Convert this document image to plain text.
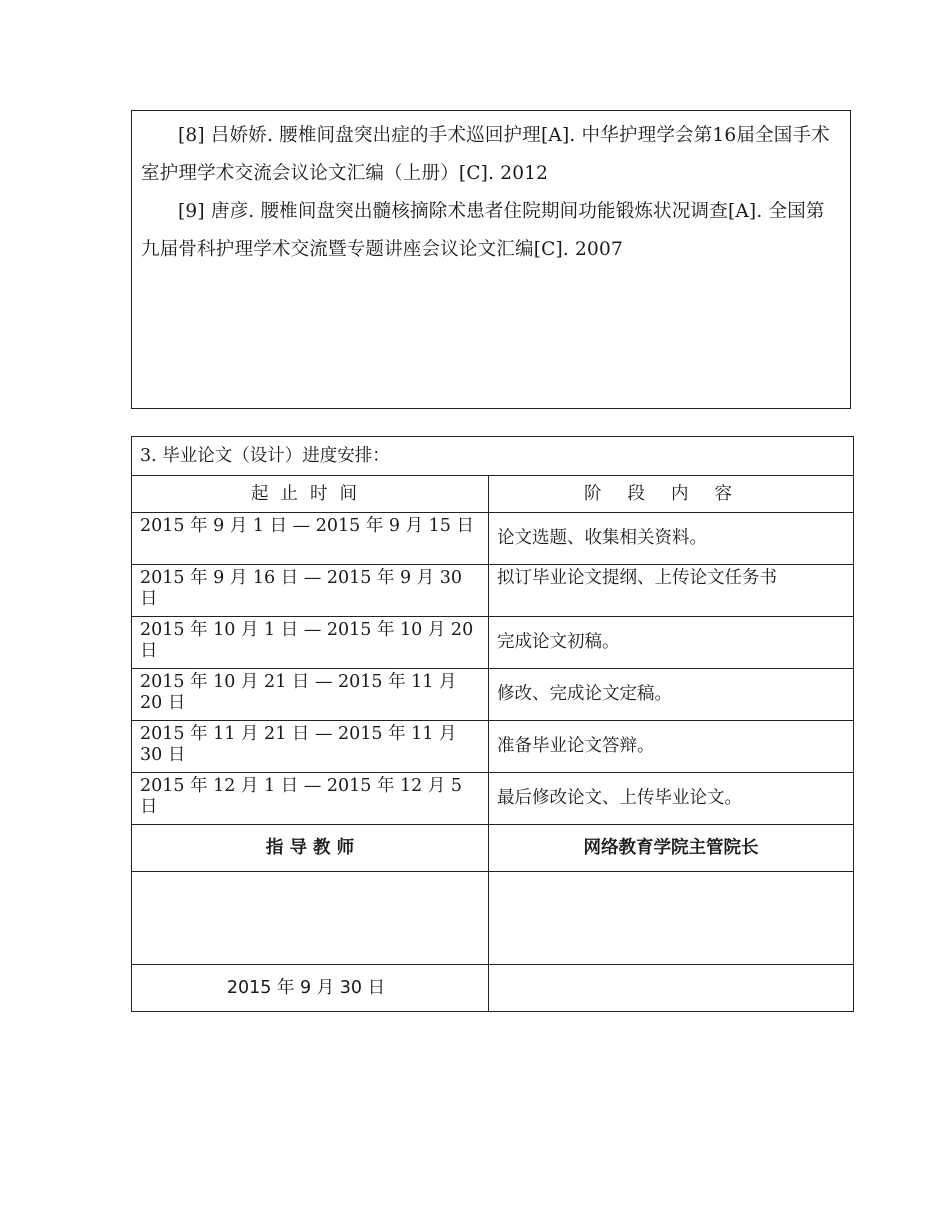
[8] 吕娇娇. 腰椎间盘突出症的手术巡回护理[A]. 中华护理学会第16届全国手术室护理学术交流会议论文汇编（上册）[C]. 2012

[9] 唐彦. 腰椎间盘突出髓核摘除术患者住院期间功能锻炼状况调查[A]. 全国第九届骨科护理学术交流暨专题讲座会议论文汇编[C]. 2007

3. 毕业论文（设计）进度安排：	
起止时间	阶段内容
2015 年 9 月 1 日 — 2015 年 9 月 15 日	论文选题、收集相关资料。
2015 年 9 月 16 日 — 2015 年 9 月 30 日	拟订毕业论文提纲、上传论文任务书
2015 年 10 月 1 日 — 2015 年 10 月 20 日	完成论文初稿。
2015 年 10 月 21 日 — 2015 年 11 月 20 日	修改、完成论文定稿。
2015 年 11 月 21 日 — 2015 年 11 月 30 日	准备毕业论文答辩。
2015 年 12 月 1 日 — 2015 年 12 月 5 日	最后修改论文、上传毕业论文。
指 导 教 师	网络教育学院主管院长

2015 年 9 月 30 日	
